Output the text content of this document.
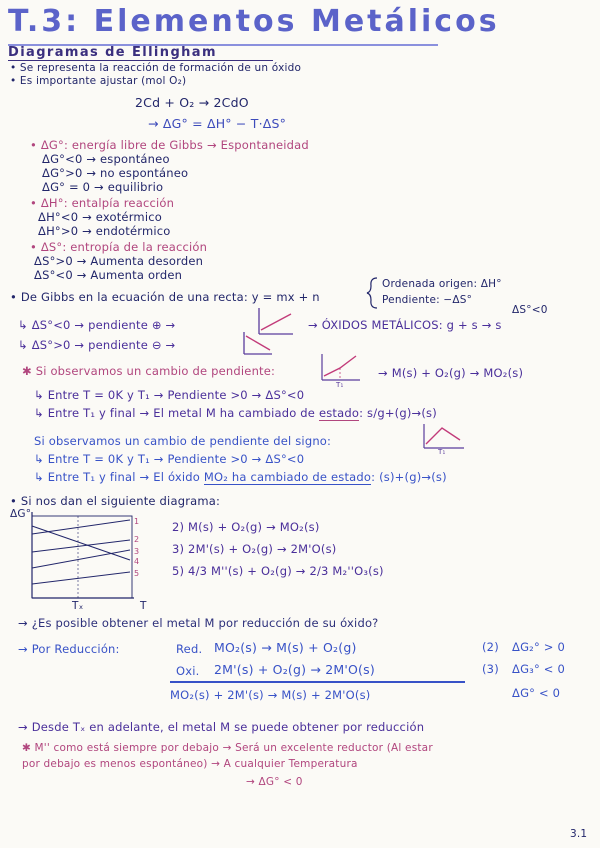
T.3: Elementos Metálicos
Diagramas de Ellingham
• Se representa la reacción de formación de un óxido
• Es importante ajustar (mol O₂)
2Cd + O₂ → 2CdO
→ ΔG° = ΔH° − T·ΔS°
• ΔG°: energía libre de Gibbs → Espontaneidad
ΔG°<0 → espontáneo
ΔG°>0 → no espontáneo
ΔG° = 0 → equilibrio
• ΔH°: entalpía reacción
ΔH°<0 → exotérmico
ΔH°>0 → endotérmico
• ΔS°: entropía de la reacción
ΔS°>0 → Aumenta desorden
ΔS°<0 → Aumenta orden
• De Gibbs en la ecuación de una recta: y = mx + n
Ordenada origen: ΔH°
Pendiente: −ΔS°
ΔS°<0
↳ ΔS°<0 → pendiente ⊕ →	→ ÓXIDOS METÁLICOS: g + s → s
↳ ΔS°>0 → pendiente ⊖ →
✱ Si observamos un cambio de pendiente:
T₁
→ M(s) + O₂(g) → MO₂(s)
↳ Entre T = 0K y T₁ → Pendiente >0 → ΔS°<0
↳ Entre T₁ y final → El metal M ha cambiado de estado: s/g+(g)→(s)
Si observamos un cambio de pendiente del signo:
T₁
↳ Entre T = 0K y T₁ → Pendiente >0 → ΔS°<0
↳ Entre T₁ y final → El óxido MO₂ ha cambiado de estado: (s)+(g)→(s)
• Si nos dan el siguiente diagrama:
ΔG°
1
2
3
4
5
Tₓ	T
2) M(s) + O₂(g) → MO₂(s)
3) 2M'(s) + O₂(g) → 2M'O(s)
5) 4/3 M''(s) + O₂(g) → 2/3 M₂''O₃(s)
→ ¿Es posible obtener el metal M por reducción de su óxido?
→ Por Reducción:	Red. MO₂(s) → M(s) + O₂(g)	(2) ΔG₂° > 0
Oxi. 2M'(s) + O₂(g) → 2M'O(s)	(3) ΔG₃° < 0
MO₂(s) + 2M'(s) → M(s) + 2M'O(s)	ΔG° < 0
→ Desde Tₓ en adelante, el metal M se puede obtener por reducción
✱ M'' como está siempre por debajo → Será un excelente reductor (Al estar
por debajo es menos espontáneo) → A cualquier Temperatura
→ ΔG° < 0
3.1
